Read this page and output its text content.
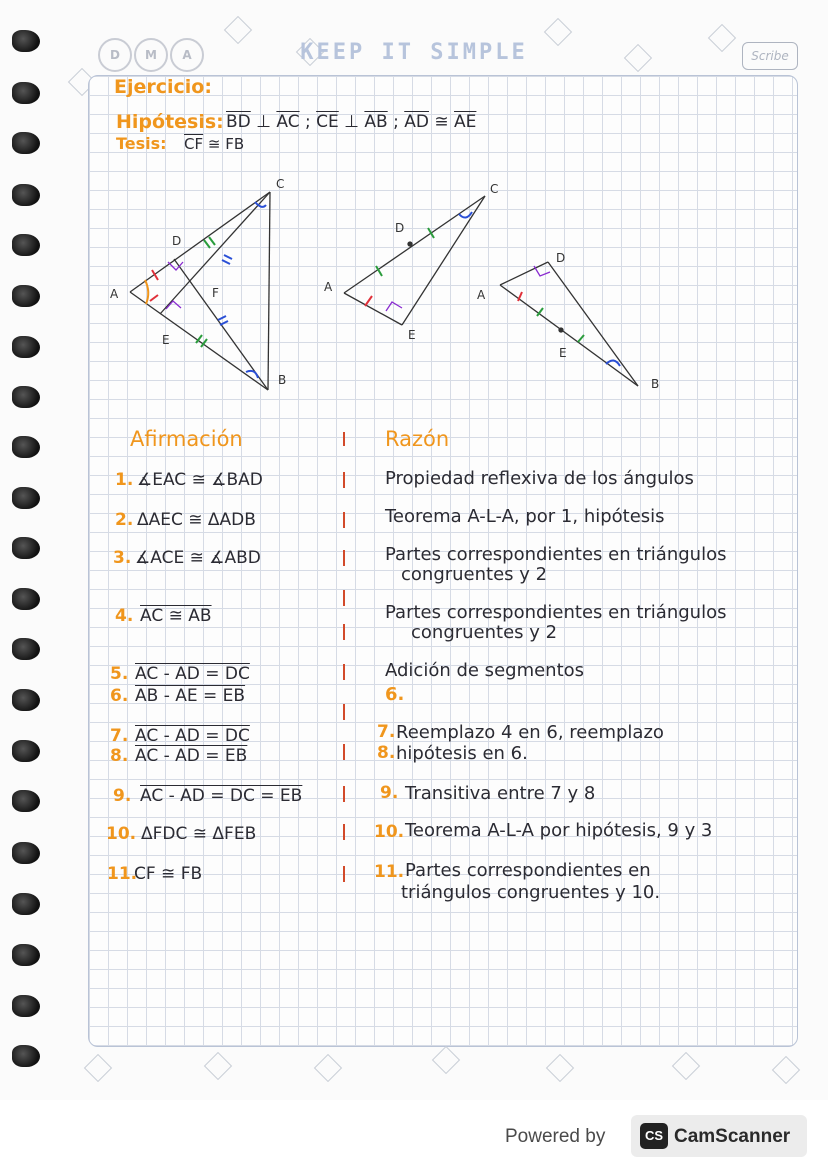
D	M	A	KEEP IT SIMPLE	Scribe
Ejercicio:
Hipótesis: $\overline{BD}$ ⊥ $\overline{AC}$ ; $\overline{CE}$ ⊥ $\overline{AB}$ ; $\overline{AD}$ ≅ $\overline{AE}$
Tesis: $\overline{CF}$ ≅ FB
A
C
D
F
E
B
A
C
D
E
A
D
E
B
Afirmación	Razón
1. ∡EAC ≅ ∡BAD	Propiedad reflexiva de los ángulos
2. ΔAEC ≅ ΔADB	Teorema A-L-A, por 1, hipótesis
3. ∡ACE ≅ ∡ABD	Partes correspondientes en triángulos
congruentes y 2
4. AC ≅ AB	Partes correspondientes en triángulos
congruentes y 2
5. AC - AD = DC	Adición de segmentos
6. AB - AE = EB	6.
7. AC - AD = DC	7. Reemplazo 4 en 6, reemplazo
8. AC - AD = EB	8. hipótesis en 6.
9. AC - AD = DC = EB	9. Transitiva entre 7 y 8
10. ΔFDC ≅ ΔFEB	10. Teorema A-L-A por hipótesis, 9 y 3
11.
CF ≅ FB	11. Partes correspondientes en
triángulos congruentes y 10.
Powered by	CS CamScanner
